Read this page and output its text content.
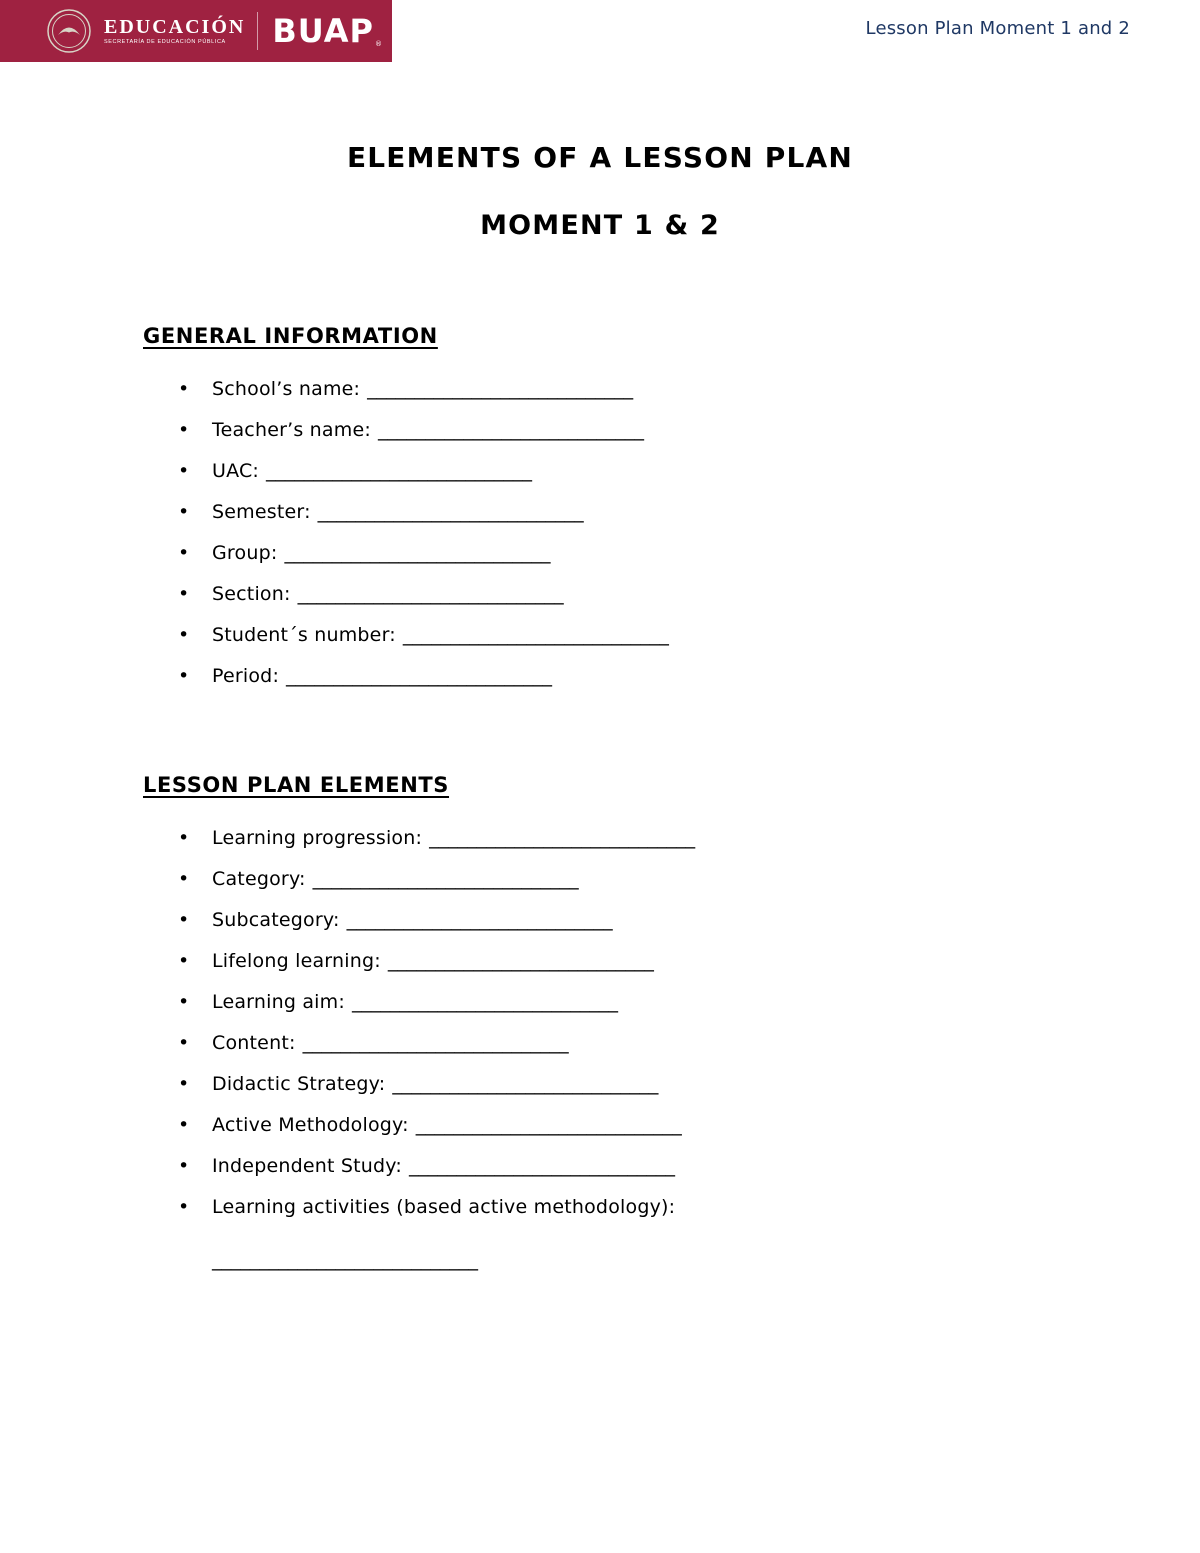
EDUCACIÓN
SECRETARÍA DE EDUCACIÓN PÚBLICA	BUAP®
Lesson Plan Moment 1 and 2
ELEMENTS OF A LESSON PLAN
MOMENT 1 & 2
GENERAL INFORMATION
• School’s name: ____________________________
• Teacher’s name: ____________________________
• UAC: ____________________________
• Semester: ____________________________
• Group: ____________________________
• Section: ____________________________
• Student´s number: ____________________________
• Period: ____________________________
LESSON PLAN ELEMENTS
• Learning progression: ____________________________
• Category: ____________________________
• Subcategory: ____________________________
• Lifelong learning: ____________________________
• Learning aim: ____________________________
• Content: ____________________________
• Didactic Strategy: ____________________________
• Active Methodology: ____________________________
• Independent Study: ____________________________
• Learning activities (based active methodology):
____________________________
